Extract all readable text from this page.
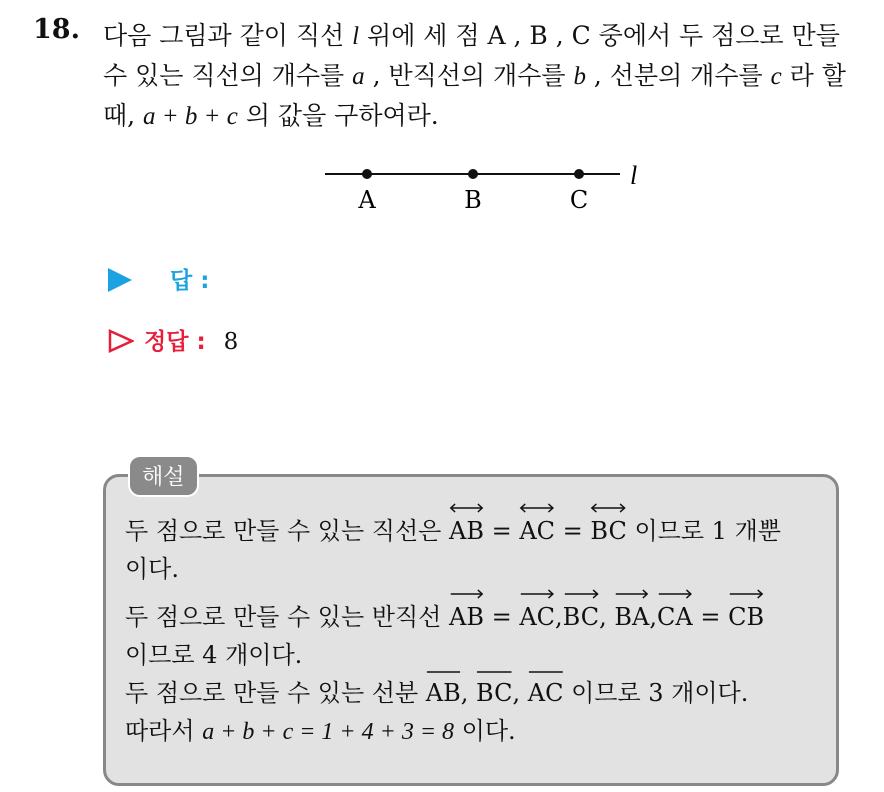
18. 다음 그림과 같이 직선 l 위에 세 점 A , B , C 중에서 두 점으로 만들
수 있는 직선의 개수를 a , 반직선의 개수를 b , 선분의 개수를 c 라 할
때, a + b + c 의 값을 구하여라.
A	B	C
l
답 :
정답 : 8
해설
두 점으로 만들 수 있는 직선은
AB =
AC =
BC 이므로 1 개뿐
이다.
두 점으로 만들 수 있는 반직선
AB =
AC,
BC,
BA,
CA =
CB
이므로 4 개이다.
두 점으로 만들 수 있는 선분
AB,
BC,
AC 이므로 3 개이다.
따라서 a + b + c = 1 + 4 + 3 = 8 이다.
